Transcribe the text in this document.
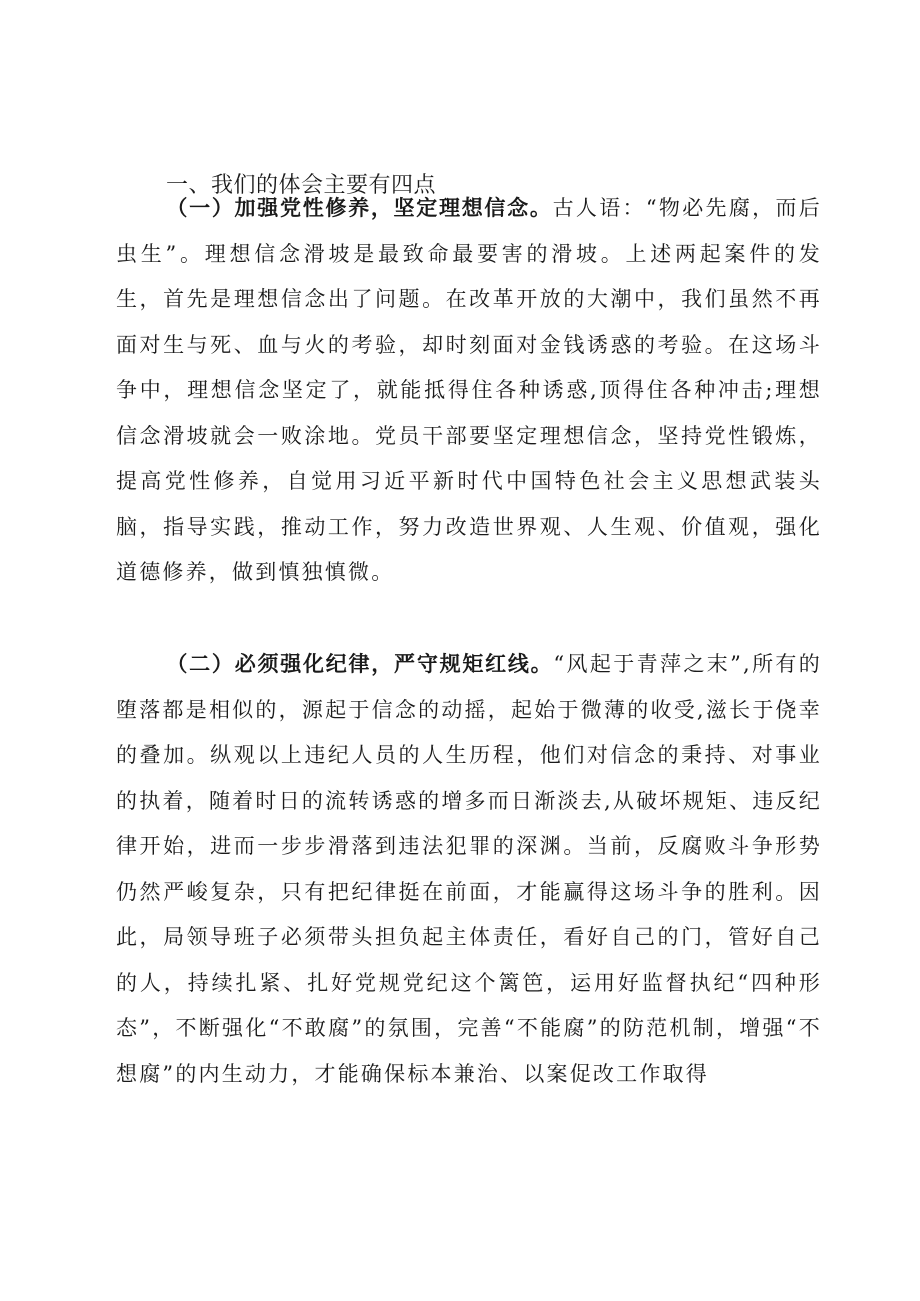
一、我们的体会主要有四点

（一）加强党性修养，坚定理想信念。古人语：“物必先腐，而后虫生”。理想信念滑坡是最致命最要害的滑坡。上述两起案件的发生，首先是理想信念出了问题。在改革开放的大潮中，我们虽然不再面对生与死、血与火的考验，却时刻面对金钱诱惑的考验。在这场斗争中，理想信念坚定了，就能抵得住各种诱惑,顶得住各种冲击;理想信念滑坡就会一败涂地。党员干部要坚定理想信念，坚持党性锻炼，提高党性修养，自觉用习近平新时代中国特色社会主义思想武装头脑，指导实践，推动工作，努力改造世界观、人生观、价值观，强化道德修养，做到慎独慎微。

（二）必须强化纪律，严守规矩红线。“风起于青萍之末”,所有的堕落都是相似的，源起于信念的动摇，起始于微薄的收受,滋长于侥幸的叠加。纵观以上违纪人员的人生历程，他们对信念的秉持、对事业的执着，随着时日的流转诱惑的增多而日渐淡去,从破坏规矩、违反纪律开始，进而一步步滑落到违法犯罪的深渊。当前，反腐败斗争形势仍然严峻复杂，只有把纪律挺在前面，才能赢得这场斗争的胜利。因此，局领导班子必须带头担负起主体责任，看好自己的门，管好自己的人，持续扎紧、扎好党规党纪这个篱笆，运用好监督执纪“四种形态”，不断强化“不敢腐”的氛围，完善“不能腐”的防范机制，增强“不想腐”的内生动力，才能确保标本兼治、以案促改工作取得
